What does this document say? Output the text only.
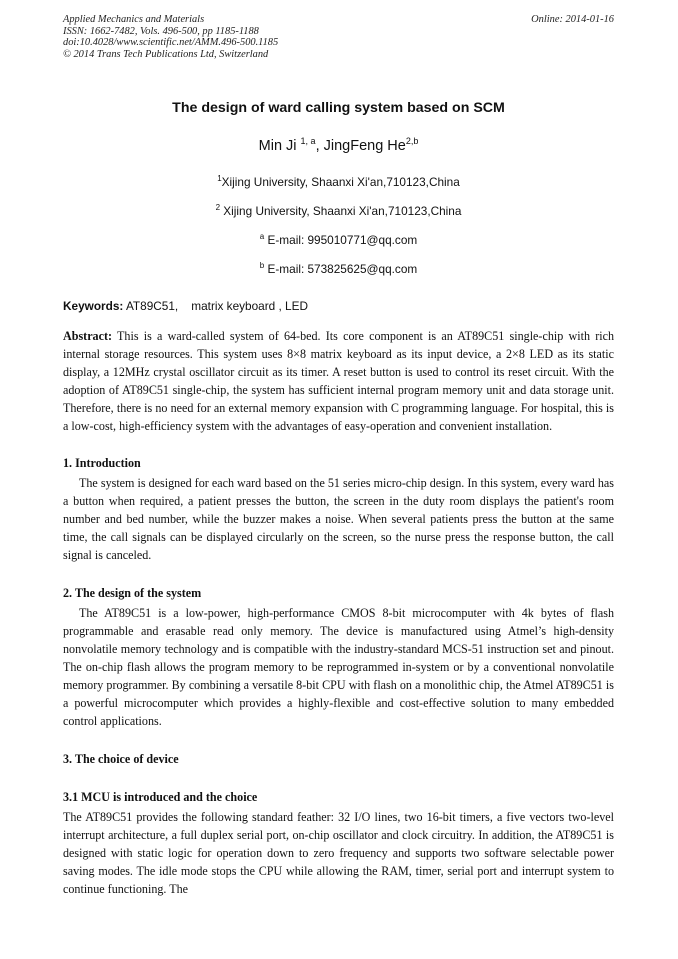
Applied Mechanics and Materials
ISSN: 1662-7482, Vols. 496-500, pp 1185-1188
doi:10.4028/www.scientific.net/AMM.496-500.1185
© 2014 Trans Tech Publications Ltd, Switzerland
Online: 2014-01-16
The design of ward calling system based on SCM
Min Ji $^{1, a}$, JingFeng He$^{2,b}$
$^1$Xijing University, Shaanxi Xi'an,710123,China
$^2$ Xijing University, Shaanxi Xi'an,710123,China
$^a$ E-mail: 995010771@qq.com
$^b$ E-mail: 573825625@qq.com
Keywords: AT89C51,    matrix keyboard , LED

Abstract: This is a ward-called system of 64-bed. Its core component is an AT89C51 single-chip with rich internal storage resources. This system uses 8×8 matrix keyboard as its input device, a 2×8 LED as its static display, a 12MHz crystal oscillator circuit as its timer. A reset button is used to control its reset circuit. With the adoption of AT89C51 single-chip, the system has sufficient internal program memory unit and data storage unit. Therefore, there is no need for an external memory expansion with C programming language. For hospital, this is a low-cost, high-efficiency system with the advantages of easy-operation and convenient installation.

1. Introduction

The system is designed for each ward based on the 51 series micro-chip design. In this system, every ward has a button when required, a patient presses the button, the screen in the duty room displays the patient's room number and bed number, while the buzzer makes a noise. When several patients press the button at the same time, the call signals can be displayed circularly on the screen, so the nurse press the response button, the call signal is canceled.

2. The design of the system

The AT89C51 is a low-power, high-performance CMOS 8-bit microcomputer with 4k bytes of flash programmable and erasable read only memory. The device is manufactured using Atmel’s high-density nonvolatile memory technology and is compatible with the industry-standard MCS-51 instruction set and pinout. The on-chip flash allows the program memory to be reprogrammed in-system or by a conventional nonvolatile memory programmer. By combining a versatile 8-bit CPU with flash on a monolithic chip, the Atmel AT89C51 is a powerful microcomputer which provides a highly-flexible and cost-effective solution to many embedded control applications.

3. The choice of device
3.1 MCU is introduced and the choice

The AT89C51 provides the following standard feather: 32 I/O lines, two 16-bit timers, a five vectors two-level interrupt architecture, a full duplex serial port, on-chip oscillator and clock circuitry. In addition, the AT89C51 is designed with static logic for operation down to zero frequency and supports two software selectable power saving modes. The idle mode stops the CPU while allowing the RAM, timer, serial port and interrupt system to continue functioning. The
